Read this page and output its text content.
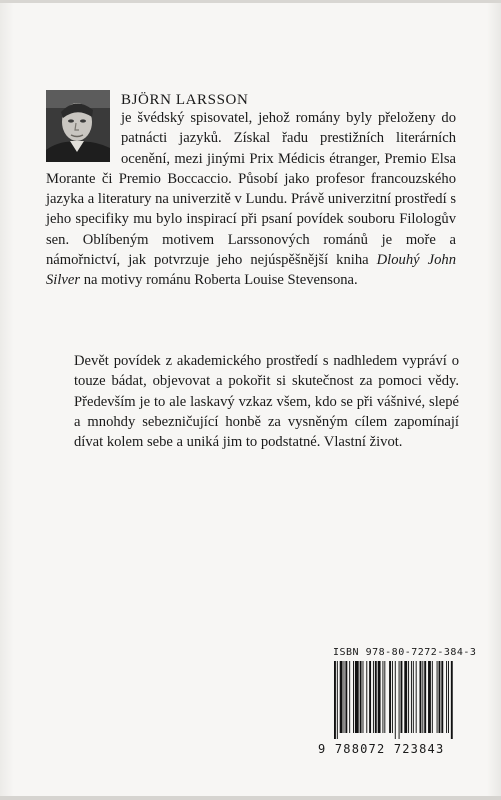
BJÖRN LARSSON

je švédský spisovatel, jehož romány byly přeloženy do patnácti jazyků. Získal řadu prestižních literárních ocenění, mezi jinými Prix Médicis étranger, Premio Elsa Morante či Premio Boccaccio. Působí jako profesor francouzského jazyka a literatury na univerzitě v Lundu. Právě univerzitní prostředí s jeho specifiky mu bylo inspirací při psaní povídek souboru Filologův sen. Oblíbeným motivem Larssonových románů je moře a námořnictví, jak potvrzuje jeho nejúspěšnější kniha Dlouhý John Silver na motivy románu Roberta Louise Stevensona.

Devět povídek z akademického prostředí s nadhledem vypráví o touze bádat, objevovat a pokořit si skutečnost za pomoci vědy. Především je to ale laskavý vzkaz všem, kdo se při vášnivé, slepé a mnohdy sebezničující honbě za vysněným cílem zapomínají dívat kolem sebe a uniká jim to podstatné. Vlastní život.

ISBN 978-80-7272-384-3
9 788072 723843
